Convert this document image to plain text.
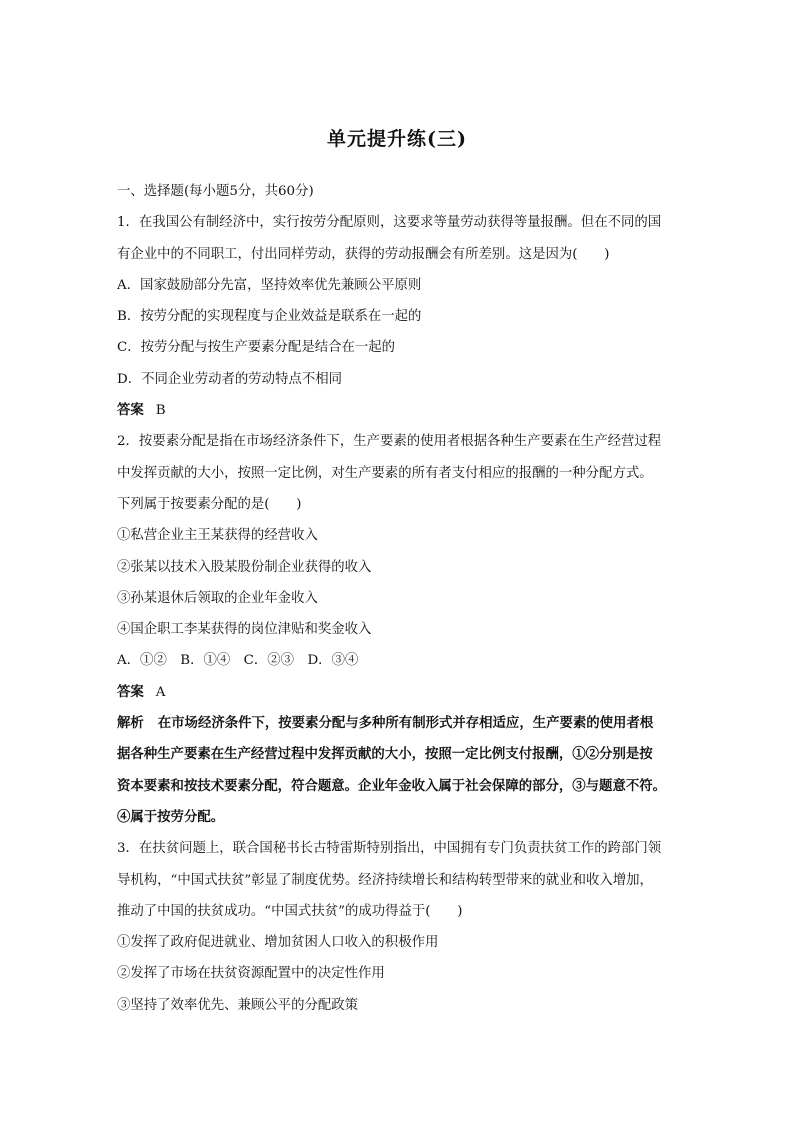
单元提升练(三)
一、选择题(每小题5分，共60分)
1．在我国公有制经济中，实行按劳分配原则，这要求等量劳动获得等量报酬。但在不同的国
有企业中的不同职工，付出同样劳动，获得的劳动报酬会有所差别。这是因为(　　)
A．国家鼓励部分先富，坚持效率优先兼顾公平原则
B．按劳分配的实现程度与企业效益是联系在一起的
C．按劳分配与按生产要素分配是结合在一起的
D．不同企业劳动者的劳动特点不相同
答案 B
2．按要素分配是指在市场经济条件下，生产要素的使用者根据各种生产要素在生产经营过程
中发挥贡献的大小，按照一定比例，对生产要素的所有者支付相应的报酬的一种分配方式。
下列属于按要素分配的是(　　)
①私营企业主王某获得的经营收入
②张某以技术入股某股份制企业获得的收入
③孙某退休后领取的企业年金收入
④国企职工李某获得的岗位津贴和奖金收入
A．①②　B．①④　C．②③　D．③④
答案 A
解析 在市场经济条件下，按要素分配与多种所有制形式并存相适应，生产要素的使用者根
据各种生产要素在生产经营过程中发挥贡献的大小，按照一定比例支付报酬，①②分别是按
资本要素和按技术要素分配，符合题意。企业年金收入属于社会保障的部分，③与题意不符。
④属于按劳分配。
3．在扶贫问题上，联合国秘书长古特雷斯特别指出，中国拥有专门负责扶贫工作的跨部门领
导机构，“中国式扶贫”彰显了制度优势。经济持续增长和结构转型带来的就业和收入增加，
推动了中国的扶贫成功。“中国式扶贫”的成功得益于(　　)
①发挥了政府促进就业、增加贫困人口收入的积极作用
②发挥了市场在扶贫资源配置中的决定性作用
③坚持了效率优先、兼顾公平的分配政策
